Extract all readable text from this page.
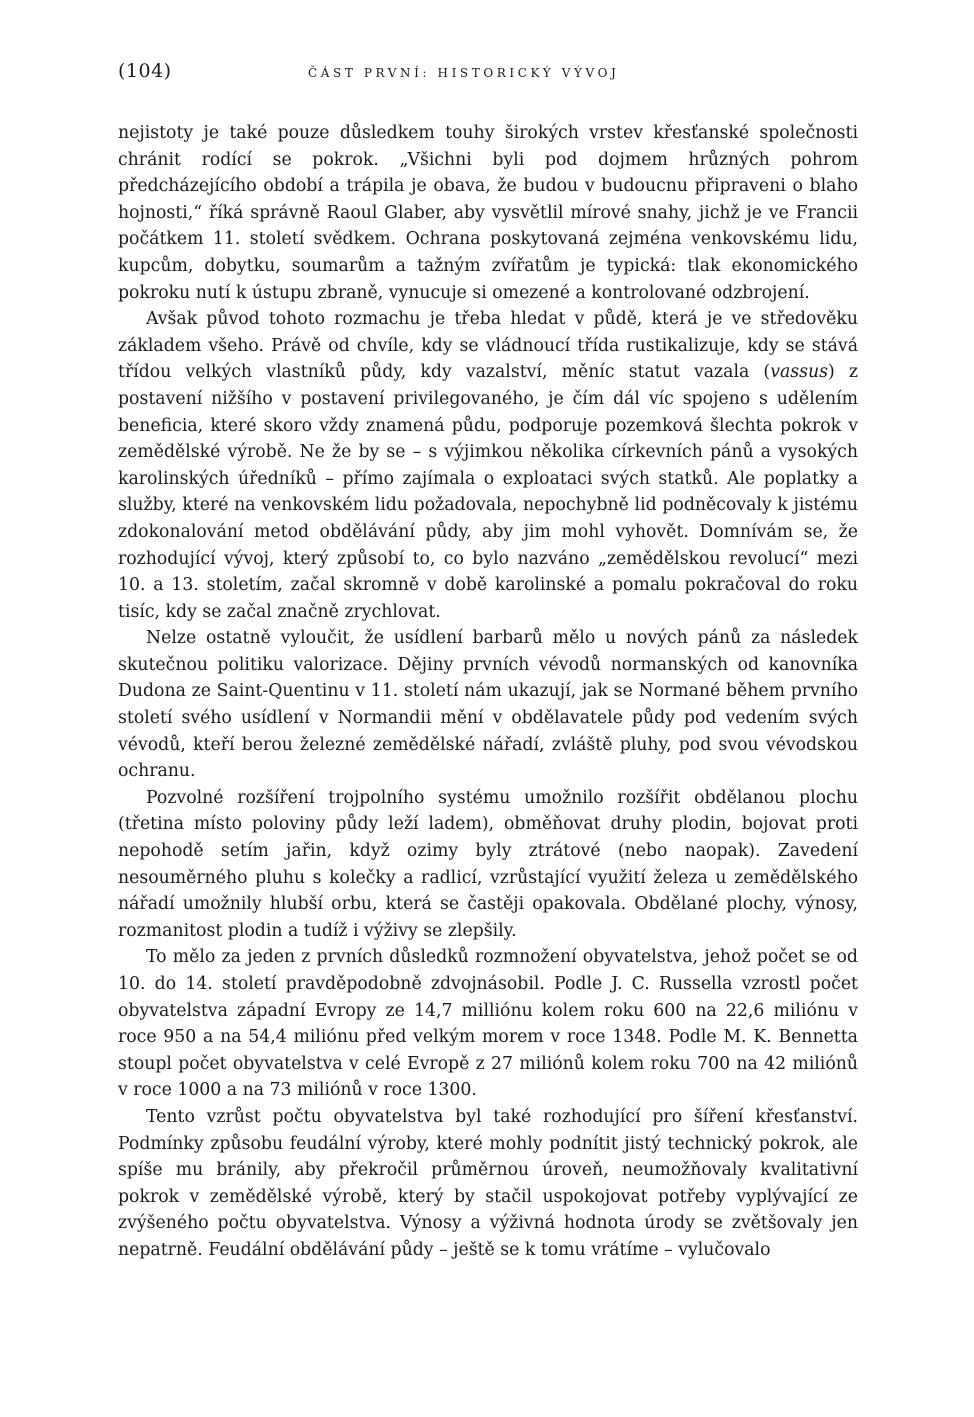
(104)	ČÁST PRVNÍ: HISTORICKÝ VÝVOJ

nejistoty je také pouze důsledkem touhy širokých vrstev křesťanské společnosti chránit rodící se pokrok. „Všichni byli pod dojmem hrůzných pohrom předcházejícího období a trápila je obava, že budou v budoucnu připraveni o blaho hojnosti,“ říká správně Raoul Glaber, aby vysvětlil mírové snahy, jichž je ve Francii počátkem 11. století svědkem. Ochrana poskytovaná zejména venkovskému lidu, kupcům, dobytku, soumarům a tažným zvířatům je typická: tlak ekonomického pokroku nutí k ústupu zbraně, vynucuje si omezené a kontrolované odzbrojení.

Avšak původ tohoto rozmachu je třeba hledat v půdě, která je ve středověku základem všeho. Právě od chvíle, kdy se vládnoucí třída rustikalizuje, kdy se stává třídou velkých vlastníků půdy, kdy vazalství, měníc statut vazala (vassus) z postavení nižšího v postavení privilegovaného, je čím dál víc spojeno s udělením beneficia, které skoro vždy znamená půdu, podporuje pozemková šlechta pokrok v zemědělské výrobě. Ne že by se – s výjimkou několika církevních pánů a vysokých karolinských úředníků – přímo zajímala o exploataci svých statků. Ale poplatky a služby, které na venkovském lidu požadovala, nepochybně lid podněcovaly k jistému zdokonalování metod obdělávání půdy, aby jim mohl vyhovět. Domnívám se, že rozhodující vývoj, který způsobí to, co bylo nazváno „zemědělskou revolucí“ mezi 10. a 13. stoletím, začal skromně v době karolinské a pomalu pokračoval do roku tisíc, kdy se začal značně zrychlovat.

Nelze ostatně vyloučit, že usídlení barbarů mělo u nových pánů za následek skutečnou politiku valorizace. Dějiny prvních vévodů normanských od kanovníka Dudona ze Saint-Quentinu v 11. století nám ukazují, jak se Normané během prvního století svého usídlení v Normandii mění v obdělavatele půdy pod vedením svých vévodů, kteří berou železné zemědělské nářadí, zvláště pluhy, pod svou vévodskou ochranu.

Pozvolné rozšíření trojpolního systému umožnilo rozšířit obdělanou plochu (třetina místo poloviny půdy leží ladem), obměňovat druhy plodin, bojovat proti nepohodě setím jařin, když ozimy byly ztrátové (nebo naopak). Zavedení nesouměrného pluhu s kolečky a radlicí, vzrůstající využití železa u zemědělského nářadí umožnily hlubší orbu, která se častěji opakovala. Obdělané plochy, výnosy, rozmanitost plodin a tudíž i výživy se zlepšily.

To mělo za jeden z prvních důsledků rozmnožení obyvatelstva, jehož počet se od 10. do 14. století pravděpodobně zdvojnásobil. Podle J. C. Russella vzrostl počet obyvatelstva západní Evropy ze 14,7 milliónu kolem roku 600 na 22,6 miliónu v roce 950 a na 54,4 miliónu před velkým morem v roce 1348. Podle M. K. Bennetta stoupl počet obyvatelstva v celé Evropě z 27 miliónů kolem roku 700 na 42 miliónů v roce 1000 a na 73 miliónů v roce 1300.

Tento vzrůst počtu obyvatelstva byl také rozhodující pro šíření křesťanství. Podmínky způsobu feudální výroby, které mohly podnítit jistý technický pokrok, ale spíše mu bránily, aby překročil průměrnou úroveň, neumožňovaly kvalitativní pokrok v zemědělské výrobě, který by stačil uspokojovat potřeby vyplývající ze zvýšeného počtu obyvatelstva. Výnosy a výživná hodnota úrody se zvětšovaly jen nepatrně. Feudální obdělávání půdy – ještě se k tomu vrátíme – vylučovalo
